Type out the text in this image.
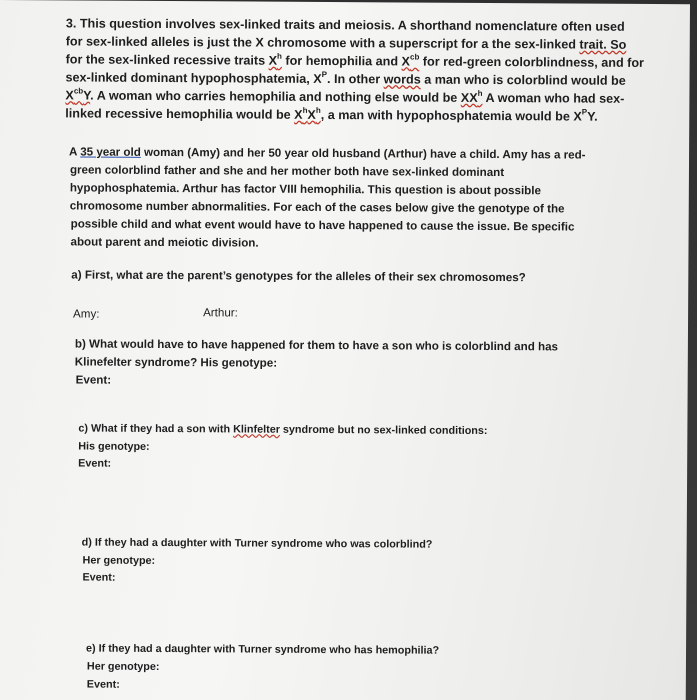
3. This question involves sex-linked traits and meiosis. A shorthand nomenclature often used
for sex-linked alleles is just the X chromosome with a superscript for a the sex-linked trait. So
for the sex-linked recessive traits $X^h$ for hemophilia and $X^{cb}$ for red-green colorblindness, and for
sex-linked dominant hypophosphatemia, $X^P$. In other words a man who is colorblind would be
$X^{cb}Y$. A woman who carries hemophilia and nothing else would be $XX^h$ A woman who had sex-
linked recessive hemophilia would be $X^hX^h$, a man with hypophosphatemia would be $X^PY$.
A 35 year old woman (Amy) and her 50 year old husband (Arthur) have a child. Amy has a red-
green colorblind father and she and her mother both have sex-linked dominant
hypophosphatemia. Arthur has factor VIII hemophilia. This question is about possible
chromosome number abnormalities. For each of the cases below give the genotype of the
possible child and what event would have to have happened to cause the issue. Be specific
about parent and meiotic division.
a) First, what are the parent’s genotypes for the alleles of their sex chromosomes?
Amy:	Arthur:
b) What would have to have happened for them to have a son who is colorblind and has
Klinefelter syndrome? His genotype:
Event:
c) What if they had a son with Klinfelter syndrome but no sex-linked conditions:
His genotype:
Event:
d) If they had a daughter with Turner syndrome who was colorblind?
Her genotype:
Event:
e) If they had a daughter with Turner syndrome who has hemophilia?
Her genotype:
Event:
